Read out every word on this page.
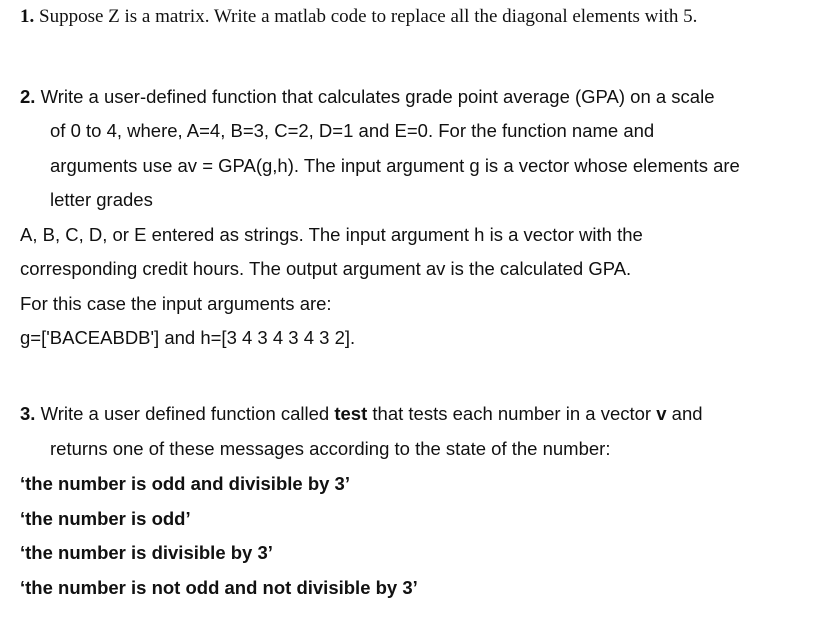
1. Suppose Z is a matrix. Write a matlab code to replace all the diagonal elements with 5.
2. Write a user-defined function that calculates grade point average (GPA) on a scale
of 0 to 4, where, A=4, B=3, C=2, D=1 and E=0. For the function name and
arguments use av = GPA(g,h). The input argument g is a vector whose elements are
letter grades
A, B, C, D, or E entered as strings. The input argument h is a vector with the
corresponding credit hours. The output argument av is the calculated GPA.
For this case the input arguments are:
g=['BACEABDB'] and h=[3 4 3 4 3 4 3 2].
3. Write a user defined function called test that tests each number in a vector v and
returns one of these messages according to the state of the number:
‘the number is odd and divisible by 3’
‘the number is odd’
‘the number is divisible by 3’
‘the number is not odd and not divisible by 3’
